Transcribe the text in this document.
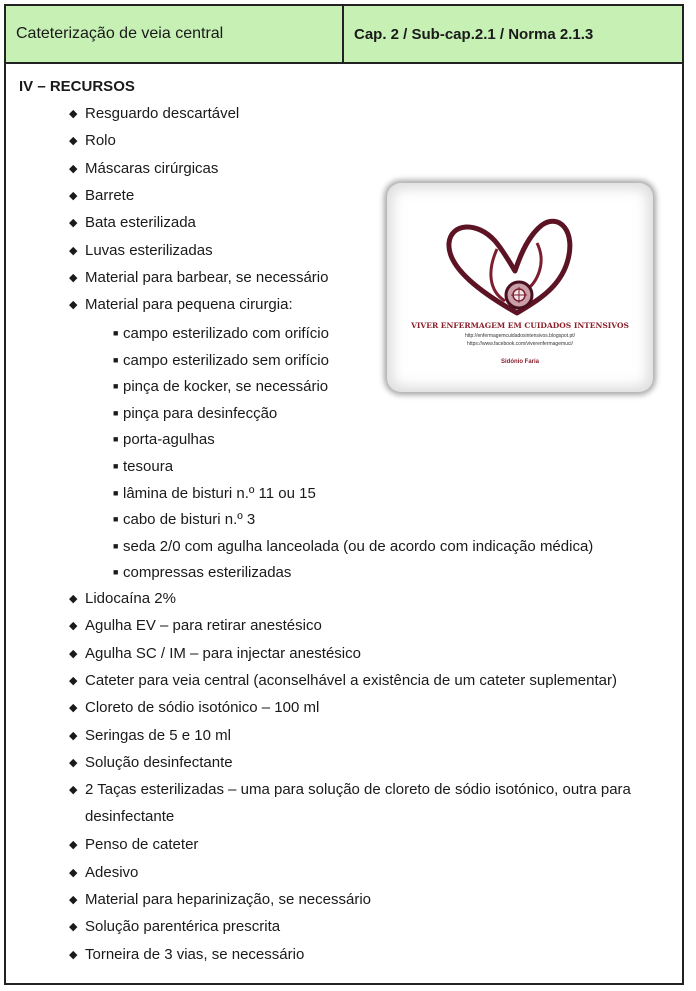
Cateterização de veia central	Cap. 2 / Sub-cap.2.1 / Norma 2.1.3
IV – RECURSOS
◆ Resguardo descartável
◆ Rolo
◆ Máscaras cirúrgicas
◆ Barrete
◆ Bata esterilizada
◆ Luvas esterilizadas
◆ Material para barbear, se necessário
◆ Material para pequena cirurgia:
■ campo esterilizado com orifício
■ campo esterilizado sem orifício
■ pinça de kocker, se necessário
■ pinça para desinfecção
■ porta-agulhas
■ tesoura
■ lâmina de bisturi n.º 11 ou 15
■ cabo de bisturi n.º 3
■ seda 2/0 com agulha lanceolada (ou de acordo com indicação médica)
■ compressas esterilizadas
◆ Lidocaína 2%
◆ Agulha EV – para retirar anestésico
◆ Agulha SC / IM – para injectar anestésico
◆ Cateter para veia central (aconselhável a existência de um cateter suplementar)
◆ Cloreto de sódio isotónico – 100 ml
◆ Seringas de 5 e 10 ml
◆ Solução desinfectante
◆ 2 Taças esterilizadas – uma para solução de cloreto de sódio isotónico, outra para
◆ Penso de cateter
◆ Adesivo
◆ Material para heparinização, se necessário
◆ Solução parentérica prescrita
◆ Torneira de 3 vias, se necessário
desinfectante
VIVER ENFERMAGEM EM CUIDADOS INTENSIVOS
http://enfermagemcuidadosintensivos.blogspot.pt/
https://www.facebook.com/viverenfermagemuci/
Sidónio Faria
